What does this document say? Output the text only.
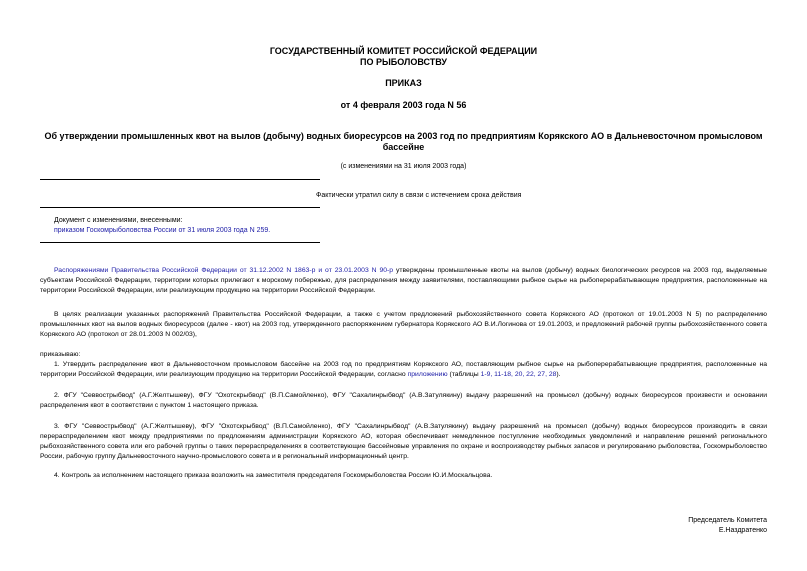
ГОСУДАРСТВЕННЫЙ КОМИТЕТ РОССИЙСКОЙ ФЕДЕРАЦИИ
ПО РЫБОЛОВСТВУ
ПРИКАЗ
от 4 февраля 2003 года N 56
Об утверждении промышленных квот на вылов (добычу) водных биоресурсов на 2003 год по предприятиям Корякского АО в Дальневосточном промысловом бассейне
(с изменениями на 31 июля 2003 года)
Фактически утратил силу в связи с истечением срока действия
Документ с изменениями, внесенными:
приказом Госкомрыболовства России от 31 июля 2003 года N 259.
Распоряжениями Правительства Российской Федерации от 31.12.2002 N 1863-р и от 23.01.2003 N 90-р утверждены промышленные квоты на вылов (добычу) водных биологических ресурсов на 2003 год, выделяемые субъектам Российской Федерации, территории которых прилегают к морскому побережью, для распределения между заявителями, поставляющими рыбное сырье на рыбоперерабатывающие предприятия, расположенные на территории Российской Федерации, или реализующим продукцию на территории Российской Федерации.
В целях реализации указанных распоряжений Правительства Российской Федерации, а также с учетом предложений рыбохозяйственного совета Корякского АО (протокол от 19.01.2003 N 5) по распределению промышленных квот на вылов водных биоресурсов (далее - квот) на 2003 год, утвержденного распоряжением губернатора Корякского АО В.И.Логинова от 19.01.2003, и предложений рабочей группы рыбохозяйственного совета Корякского АО (протокол от 28.01.2003 N 002/03),
приказываю:
1. Утвердить распределение квот в Дальневосточном промысловом бассейне на 2003 год по предприятиям Корякского АО, поставляющим рыбное сырье на рыбоперерабатывающие предприятия, расположенные на территории Российской Федерации, или реализующим продукцию на территории Российской Федерации, согласно приложению (таблицы 1-9, 11-18, 20, 22, 27, 28).
2. ФГУ "Севвострыбвод" (А.Г.Желтышеву), ФГУ "Охотскрыбвод" (В.П.Самойленко), ФГУ "Сахалинрыбвод" (А.В.Затулякину) выдачу разрешений на промысел (добычу) водных биоресурсов произвести и основании распределения квот в соответствии с пунктом 1 настоящего приказа.
3. ФГУ "Севвострыбвод" (А.Г.Желтышеву), ФГУ "Охотскрыбвод" (В.П.Самойленко), ФГУ "Сахалинрыбвод" (А.В.Затулякину) выдачу разрешений на промысел (добычу) водных биоресурсов производить в связи перераспределением квот между предприятиями по предложениям администрации Корякского АО, которая обеспечивает немедленное поступление необходимых уведомлений и направление решений регионального рыбохозяйственного совета или его рабочей группы о таких перераспределениях в соответствующие бассейновые управления по охране и воспроизводству рыбных запасов и регулированию рыболовства, Госкомрыболовство России, рабочую группу Дальневосточного научно-промыслового совета и в региональный информационный центр.
4. Контроль за исполнением настоящего приказа возложить на заместителя председателя Госкомрыболовства России Ю.И.Москальцова.
Председатель Комитета
Е.Наздратенко
